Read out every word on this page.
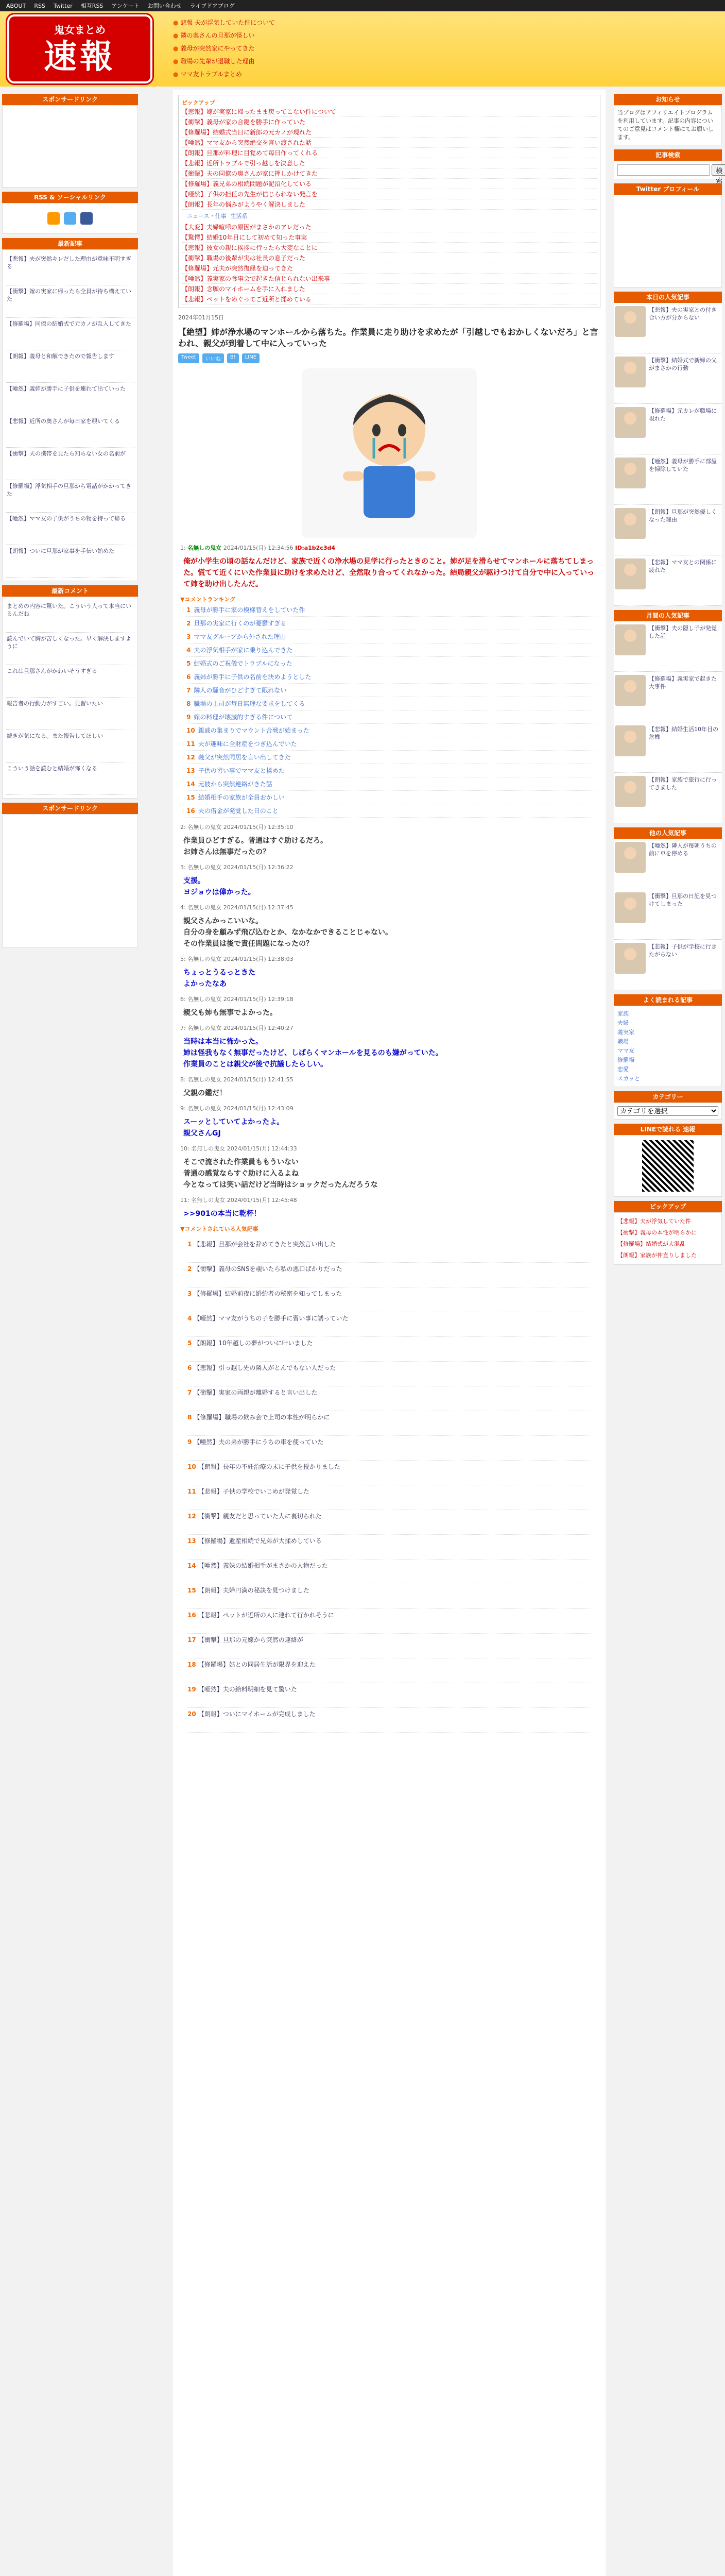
ABOUT	RSS	Twitter	相互RSS	アンケート	お問い合わせ	ライブドアブログ
鬼女まとめ
速報
● 悲報 夫が浮気していた件について
● 隣の奥さんの旦那が怪しい
● 義母が突然家にやってきた
● 職場の先輩が退職した理由
● ママ友トラブルまとめ
スポンサードリンク
RSS & ソーシャルリンク
最新記事
【悲報】夫が突然キレだした理由が意味不明すぎる
【衝撃】嫁の実家に帰ったら全員が待ち構えていた
【修羅場】同僚の結婚式で元カノが乱入してきた
【朗報】義母と和解できたので報告します
【唖然】義姉が勝手に子供を連れて出ていった
【悲報】近所の奥さんが毎日家を覗いてくる
【衝撃】夫の携帯を見たら知らない女の名前が
【修羅場】浮気相手の旦那から電話がかかってきた
【唖然】ママ友の子供がうちの物を持って帰る
【朗報】ついに旦那が家事を手伝い始めた
最新コメント
まとめの内容に驚いた。こういう人って本当にいるんだね
読んでいて胸が苦しくなった。早く解決しますように
これは旦那さんがかわいそうすぎる
報告者の行動力がすごい。見習いたい
続きが気になる。また報告してほしい
こういう話を読むと結婚が怖くなる
スポンサードリンク
ピックアップ
【悲報】嫁が実家に帰ったまま戻ってこない件について
【衝撃】義母が家の合鍵を勝手に作っていた
【修羅場】結婚式当日に新郎の元カノが現れた
【唖然】ママ友から突然絶交を言い渡された話
【朗報】旦那が料理に目覚めて毎日作ってくれる
【悲報】近所トラブルで引っ越しを決意した
【衝撃】夫の同僚の奥さんが家に押しかけてきた
【修羅場】義兄弟の相続問題が泥沼化している
【唖然】子供の担任の先生が信じられない発言を
【朗報】長年の悩みがようやく解決しました
ニュース・仕事 生活系
【大変】夫婦喧嘩の原因がまさかのアレだった
【驚愕】結婚10年目にして初めて知った事実
【悲報】彼女の親に挨拶に行ったら大変なことに
【衝撃】職場の後輩が実は社長の息子だった
【修羅場】元夫が突然復縁を迫ってきた
【唖然】義実家の食事会で起きた信じられない出来事
【朗報】念願のマイホームを手に入れました
【悲報】ペットをめぐってご近所と揉めている
2024年01月15日
【絶望】姉が浄水場のマンホールから落ちた。作業員に走り助けを求めたが「引越しでもおかしくないだろ」と言われ、親父が到着して中に入っていった
Tweet	いいね	B!	LINE
1: 名無しの鬼女 2024/01/15(月) 12:34:56 ID:a1b2c3d4
俺が小学生の頃の話なんだけど、家族で近くの浄水場の見学に行ったときのこと。姉が足を滑らせてマンホールに落ちてしまった。慌てて近くにいた作業員に助けを求めたけど、全然取り合ってくれなかった。結局親父が駆けつけて自分で中に入っていって姉を助け出したんだ。
▼コメントランキング
1 義母が勝手に家の模様替えをしていた件
2 旦那の実家に行くのが憂鬱すぎる
3 ママ友グループから外された理由
4 夫の浮気相手が家に乗り込んできた
5 結婚式のご祝儀でトラブルになった
6 義姉が勝手に子供の名前を決めようとした
7 隣人の騒音がひどすぎて眠れない
8 職場の上司が毎日無理な要求をしてくる
9 嫁の料理が壊滅的すぎる件について
10 親戚の集まりでマウント合戦が始まった
11 夫が趣味に全財産をつぎ込んでいた
12 義父が突然同居を言い出してきた
13 子供の習い事でママ友と揉めた
14 元彼から突然連絡がきた話
15 結婚相手の家族が全員おかしい
16 夫の借金が発覚した日のこと
2: 名無しの鬼女 2024/01/15(月) 12:35:10
作業員ひどすぎる。普通はすぐ助けるだろ。
お姉さんは無事だったの？
3: 名無しの鬼女 2024/01/15(月) 12:36:22
支援。
ヨジョウは偉かった。
4: 名無しの鬼女 2024/01/15(月) 12:37:45
親父さんかっこいいな。
自分の身を顧みず飛び込むとか、なかなかできることじゃない。
その作業員は後で責任問題になったの？
5: 名無しの鬼女 2024/01/15(月) 12:38:03
ちょっとうるっときた
よかったなあ
6: 名無しの鬼女 2024/01/15(月) 12:39:18
親父も姉も無事でよかった。
7: 名無しの鬼女 2024/01/15(月) 12:40:27
当時は本当に怖かった。
姉は怪我もなく無事だったけど、しばらくマンホールを見るのも嫌がっていた。
作業員のことは親父が後で抗議したらしい。
8: 名無しの鬼女 2024/01/15(月) 12:41:55
父親の鑑だ！
9: 名無しの鬼女 2024/01/15(月) 12:43:09
スーッとしていてよかったよ。
親父さんGJ
10: 名無しの鬼女 2024/01/15(月) 12:44:33
そこで流された作業員ももういない
普通の感覚ならすぐ助けに入るよね
今となっては笑い話だけど当時はショックだったんだろうな
11: 名無しの鬼女 2024/01/15(月) 12:45:48
>>901の本当に乾杯！
▼コメントされている人気記事
1 【悲報】旦那が会社を辞めてきたと突然言い出した
2 【衝撃】義母のSNSを覗いたら私の悪口ばかりだった
3 【修羅場】結婚前夜に婚約者の秘密を知ってしまった
4 【唖然】ママ友がうちの子を勝手に習い事に誘っていた
5 【朗報】10年越しの夢がついに叶いました
6 【悲報】引っ越し先の隣人がとんでもない人だった
7 【衝撃】実家の両親が離婚すると言い出した
8 【修羅場】職場の飲み会で上司の本性が明らかに
9 【唖然】夫の弟が勝手にうちの車を使っていた
10 【朗報】長年の不妊治療の末に子供を授かりました
11 【悲報】子供の学校でいじめが発覚した
12 【衝撃】親友だと思っていた人に裏切られた
13 【修羅場】遺産相続で兄弟が大揉めしている
14 【唖然】義妹の結婚相手がまさかの人物だった
15 【朗報】夫婦円満の秘訣を見つけました
16 【悲報】ペットが近所の人に連れて行かれそうに
17 【衝撃】旦那の元嫁から突然の連絡が
18 【修羅場】姑との同居生活が限界を迎えた
19 【唖然】夫の給料明細を見て驚いた
20 【朗報】ついにマイホームが完成しました
お知らせ
当ブログはアフィリエイトプログラムを利用しています。記事の内容についてのご意見はコメント欄にてお願いします。
記事検索
検索
Twitter プロフィール
本日の人気記事
【悲報】夫の実家との付き合い方が分からない
【衝撃】結婚式で新婦の父がまさかの行動
【修羅場】元カレが職場に現れた
【唖然】義母が勝手に部屋を掃除していた
【朗報】旦那が突然優しくなった理由
【悲報】ママ友との関係に疲れた
月間の人気記事
【衝撃】夫の隠し子が発覚した話
【修羅場】義実家で起きた大事件
【悲報】結婚生活10年目の危機
【朗報】家族で旅行に行ってきました
他の人気記事
【唖然】隣人が毎朝うちの前に車を停める
【衝撃】旦那の日記を見つけてしまった
【悲報】子供が学校に行きたがらない
よく読まれる記事
家族
夫婦
義実家
職場
ママ友
修羅場
恋愛
スカッと
カテゴリー
カテゴリを選択
LINEで読れる 速報
ピックアップ
【悲報】夫が浮気していた件
【衝撃】義母の本性が明らかに
【修羅場】結婚式が大混乱
【朗報】家族が仲直りしました
